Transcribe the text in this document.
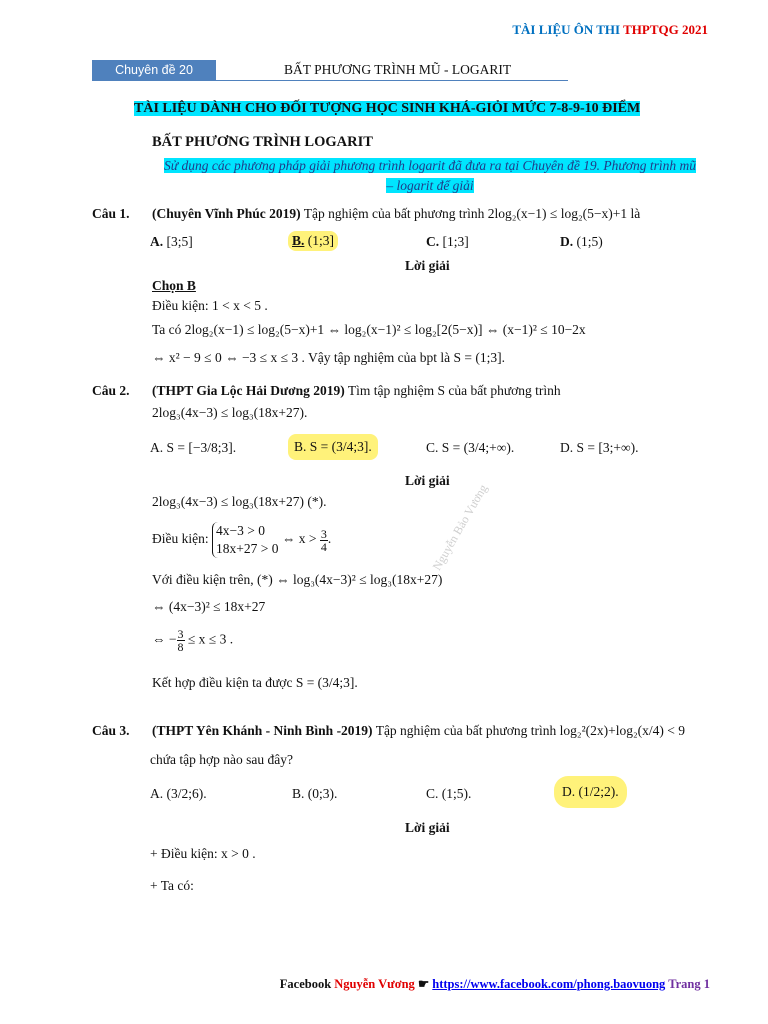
TÀI LIỆU ÔN THI THPTQG 2021
Chuyên đề 20	BẤT PHƯƠNG TRÌNH MŨ - LOGARIT
TÀI LIỆU DÀNH CHO ĐỐI TƯỢNG HỌC SINH KHÁ-GIỎI MỨC 7-8-9-10 ĐIỂM
BẤT PHƯƠNG TRÌNH LOGARIT
Sử dụng các phương pháp giải phương trình logarit đã đưa ra tại Chuyên đề 19. Phương trình mũ
– logarit để giải
Câu 1. (Chuyên Vĩnh Phúc 2019) Tập nghiệm của bất phương trình 2log₂(x−1) ≤ log₂(5−x)+1 là
A. [3;5]	B. (1;3]	C. [1;3]	D. (1;5)
Lời giải
Chọn B
Điều kiện: 1 < x < 5 .
Ta có 2log₂(x−1) ≤ log₂(5−x)+1 ⇔ log₂(x−1)² ≤ log₂[2(5−x)] ⇔ (x−1)² ≤ 10−2x
⇔ x² − 9 ≤ 0 ⇔ −3 ≤ x ≤ 3 . Vậy tập nghiệm của bpt là S = (1;3].
Câu 2. (THPT Gia Lộc Hải Dương 2019) Tìm tập nghiệm S của bất phương trình
2log₃(4x−3) ≤ log₃(18x+27).
A. S = [−3/8;3].	B. S = (3/4;3].	C. S = (3/4;+∞).	D. S = [3;+∞).
Lời giải
2log₃(4x−3) ≤ log₃(18x+27) (*).
Điều kiện: 4x−3 > 0
18x+27 > 0 ⇔ $x > \frac{3}{4}$ .
Với điều kiện trên, (*) ⇔ log₃(4x−3)² ≤ log₃(18x+27)
⇔ (4x−3)² ≤ 18x+27
⇔ − $\frac{3}{8} \le x \le 3$ .
Kết hợp điều kiện ta được S = (3/4;3].
Câu 3. (THPT Yên Khánh - Ninh Bình -2019) Tập nghiệm của bất phương trình log₂²(2x)+log₂(x/4) < 9
chứa tập hợp nào sau đây?
A. (3/2;6).	B. (0;3).	C. (1;5).	D. (1/2;2).
Lời giải
+ Điều kiện: x > 0 .
+ Ta có:
Nguyễn Bảo Vương
Facebook Nguyễn Vương ☛ https://www.facebook.com/phong.baovuong Trang 1
